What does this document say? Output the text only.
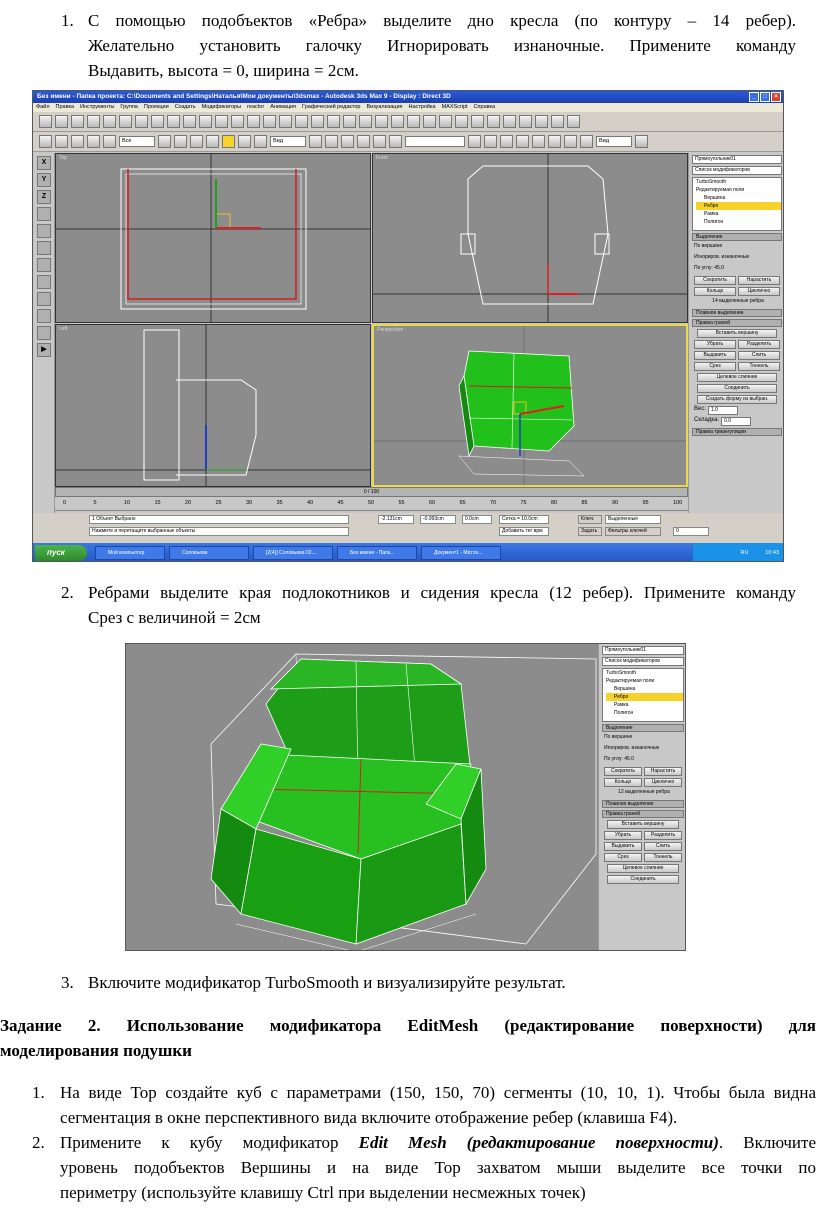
1. С помощью подобъектов «Ребра» выделите дно кресла (по контуру – 14 ребер).
Желательно установить галочку Игнорировать изнаночные. Примените команду
Выдавить, высота = 0, ширина = 2см.
Без имени - Папка проекта: C:\Documents and Settings\Наталья\Мои документы\3dsmax - Autodesk 3ds Max 9 - Display : Direct 3D	_	□	×
Файл Правка Инструменты Группа Проекции Создать Модификаторы reactor Анимация Графический редактор Визуализация Настройка MAXScript Справка
Все	Вид	Вид
X
Y
Z
▶
Top	Front
Left	Perspective
0 / 100
0	5	10	15	20	25	30	35	40	45	50	55	60	65	70	75	80	85	90	95	100
1 Объект Выбрано
Нажмите и перетащите выбранные объекты
-2.131cm	-0.993cm	0.0cm	Сетка = 10.0cm
Добавить тег врм
Ключ.	Выделенные
Задать	Фильтры ключей	0
пуск	Мой компьютер	Соловьева	[2(4)] Соловьева 02....	Без имени - Папк...	Документ1 - Micros...	RU	10:43
Прямоугольник01
Список модификаторов
TurboSmooth
Редактируемая поли
Вершина
Ребро
Рамка
Полигон
Выделение
По вершине
Игнориров. изнаночные
По углу: 45.0
Сократить	Нарастить
Кольцо	Циклично
14 выделенные ребра
Плавное выделение
Правка граней
Вставить вершину
Убрать	Разделить
Выдавить	Слить
Срез	Тоннель
Целевое слияние
Соединить
Создать форму из выбран.
Вес:	1.0
Складка:	0.0
Правка триангуляции
2. Ребрами выделите края подлокотников и сидения кресла (12 ребер). Примените команду
Срез с величиной = 2см
Прямоугольник01
Список модификаторов
TurboSmooth
Редактируемая поли
Вершина
Ребро
Рамка
Полигон
Выделение
По вершине
Игнориров. изнаночные
По углу: 45.0
Сократить	Нарастить
Кольцо	Циклично
12 выделенные ребра
Плавное выделение
Правка граней
Вставить вершину
Убрать	Разделить
Выдавить	Слить
Срез	Тоннель
Целевое слияние
Соединить
3. Включите модификатор TurboSmooth и визуализируйте результат.
Задание 2. Использование модификатора EditMesh (редактирование поверхности) для
моделирования подушки
1. На виде Top создайте куб с параметрами (150, 150, 70) сегменты (10, 10, 1). Чтобы была видна
сегментация в окне перспективного вида включите отображение ребер (клавиша F4).
2. Примените к кубу модификатор Edit Mesh (редактирование поверхности). Включите
уровень подобъектов Вершины и на виде Top захватом мыши выделите все точки по
периметру (используйте клавишу Ctrl при выделении несмежных точек)
